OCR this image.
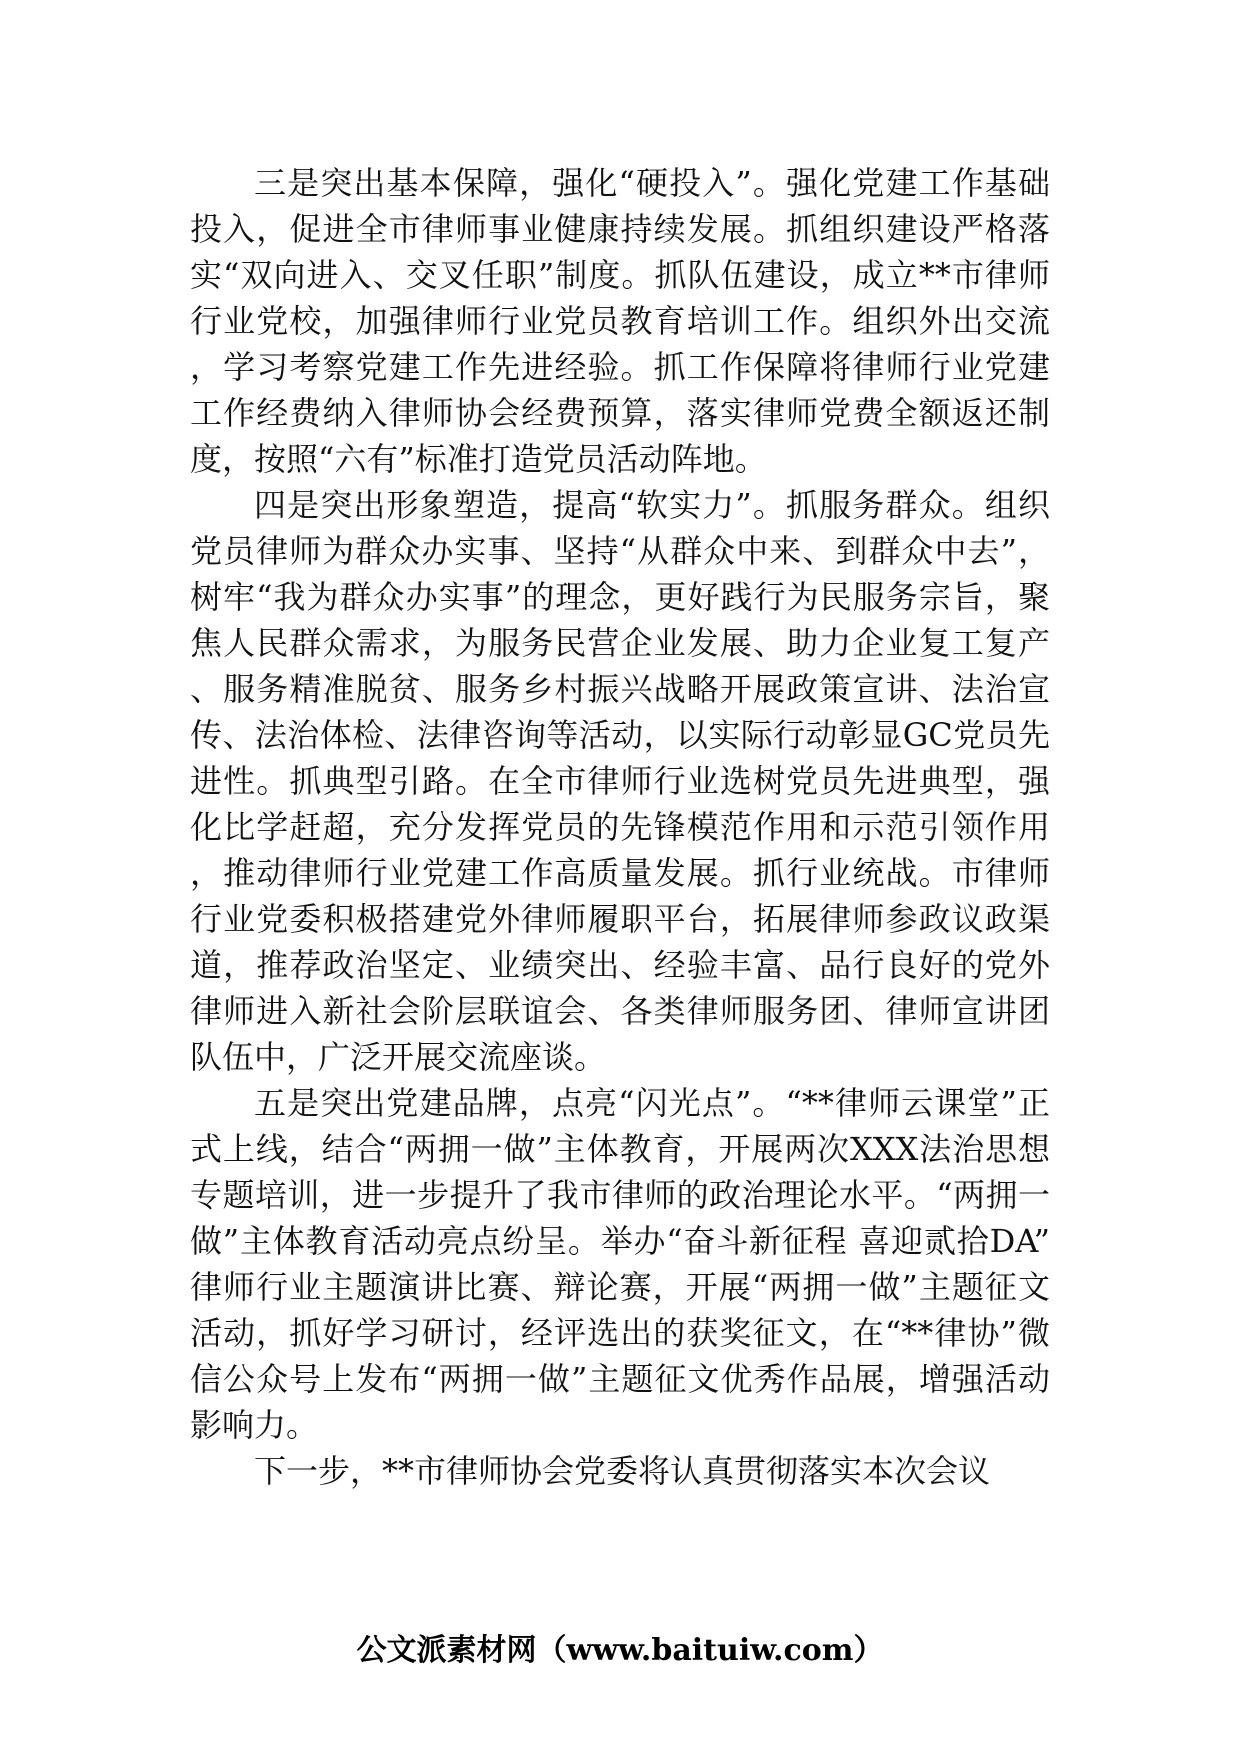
三是突出基本保障，强化“硬投入”。强化党建工作基础投入，促进全市律师事业健康持续发展。抓组织建设严格落实“双向进入、交叉任职”制度。抓队伍建设，成立**市律师行业党校，加强律师行业党员教育培训工作。组织外出交流，学习考察党建工作先进经验。抓工作保障将律师行业党建工作经费纳入律师协会经费预算，落实律师党费全额返还制度，按照“六有”标准打造党员活动阵地。

四是突出形象塑造，提高“软实力”。抓服务群众。组织党员律师为群众办实事、坚持“从群众中来、到群众中去”，树牢“我为群众办实事”的理念，更好践行为民服务宗旨，聚焦人民群众需求，为服务民营企业发展、助力企业复工复产、服务精准脱贫、服务乡村振兴战略开展政策宣讲、法治宣传、法治体检、法律咨询等活动，以实际行动彰显GC党员先进性。抓典型引路。在全市律师行业选树党员先进典型，强化比学赶超，充分发挥党员的先锋模范作用和示范引领作用，推动律师行业党建工作高质量发展。抓行业统战。市律师行业党委积极搭建党外律师履职平台，拓展律师参政议政渠道，推荐政治坚定、业绩突出、经验丰富、品行良好的党外律师进入新社会阶层联谊会、各类律师服务团、律师宣讲团队伍中，广泛开展交流座谈。

五是突出党建品牌，点亮“闪光点”。“**律师云课堂”正式上线，结合“两拥一做”主体教育，开展两次XXX法治思想专题培训，进一步提升了我市律师的政治理论水平。“两拥一做”主体教育活动亮点纷呈。举办“奋斗新征程 喜迎贰拾DA”律师行业主题演讲比赛、辩论赛，开展“两拥一做”主题征文活动，抓好学习研讨，经评选出的获奖征文，在“**律协”微信公众号上发布“两拥一做”主题征文优秀作品展，增强活动影响力。

下一步，**市律师协会党委将认真贯彻落实本次会议

公文派素材网（www.baituiw.com）
